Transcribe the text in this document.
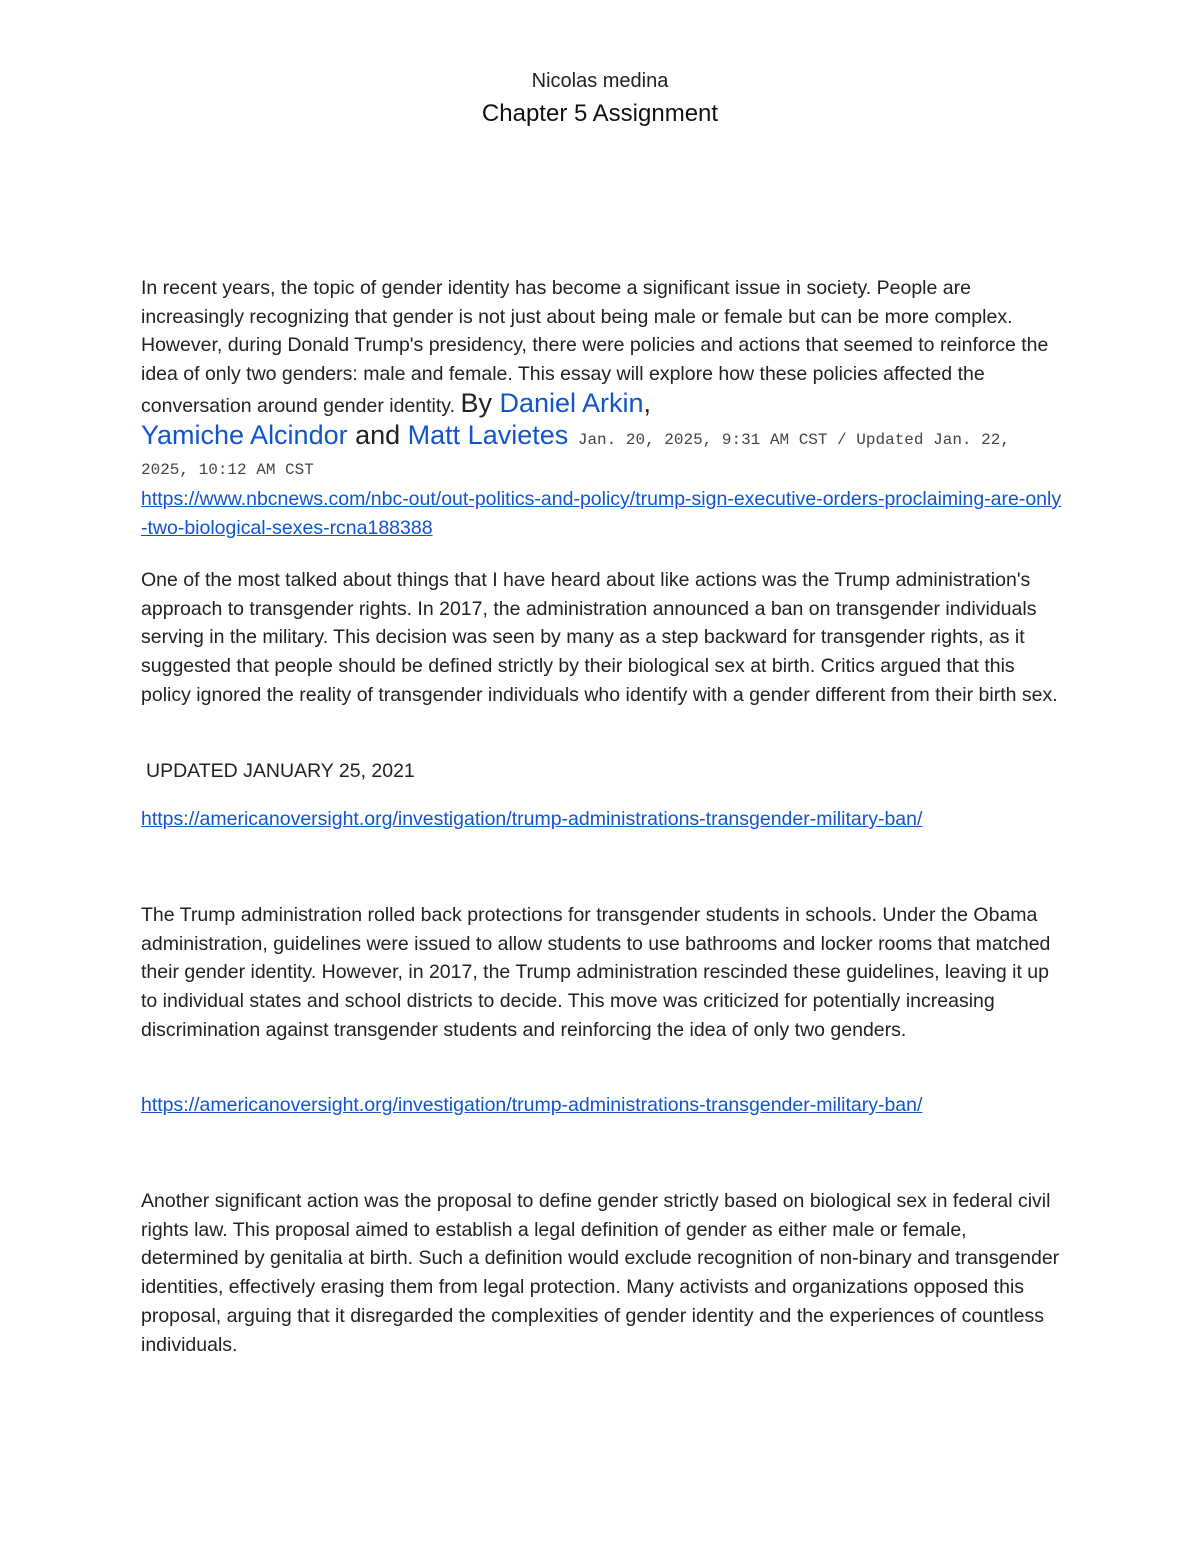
Nicolas medina
Chapter 5 Assignment
In recent years, the topic of gender identity has become a significant issue in society. People are increasingly recognizing that gender is not just about being male or female but can be more complex. However, during Donald Trump's presidency, there were policies and actions that seemed to reinforce the idea of only two genders: male and female. This essay will explore how these policies affected the conversation around gender identity. By Daniel Arkin,
Yamiche Alcindor and Matt Lavietes Jan. 20, 2025, 9:31 AM CST / Updated Jan. 22, 2025, 10:12 AM CST
https://www.nbcnews.com/nbc-out/out-politics-and-policy/trump-sign-executive-orders-proclaiming-are-only-two-biological-sexes-rcna188388
One of the most talked about things that I have heard about like actions was the Trump administration's approach to transgender rights. In 2017, the administration announced a ban on transgender individuals serving in the military. This decision was seen by many as a step backward for transgender rights, as it suggested that people should be defined strictly by their biological sex at birth. Critics argued that this policy ignored the reality of transgender individuals who identify with a gender different from their birth sex.
UPDATED JANUARY 25, 2021
https://americanoversight.org/investigation/trump-administrations-transgender-military-ban/
The Trump administration rolled back protections for transgender students in schools. Under the Obama administration, guidelines were issued to allow students to use bathrooms and locker rooms that matched their gender identity. However, in 2017, the Trump administration rescinded these guidelines, leaving it up to individual states and school districts to decide. This move was criticized for potentially increasing discrimination against transgender students and reinforcing the idea of only two genders.
https://americanoversight.org/investigation/trump-administrations-transgender-military-ban/
Another significant action was the proposal to define gender strictly based on biological sex in federal civil rights law. This proposal aimed to establish a legal definition of gender as either male or female, determined by genitalia at birth. Such a definition would exclude recognition of non-binary and transgender identities, effectively erasing them from legal protection. Many activists and organizations opposed this proposal, arguing that it disregarded the complexities of gender identity and the experiences of countless individuals.
